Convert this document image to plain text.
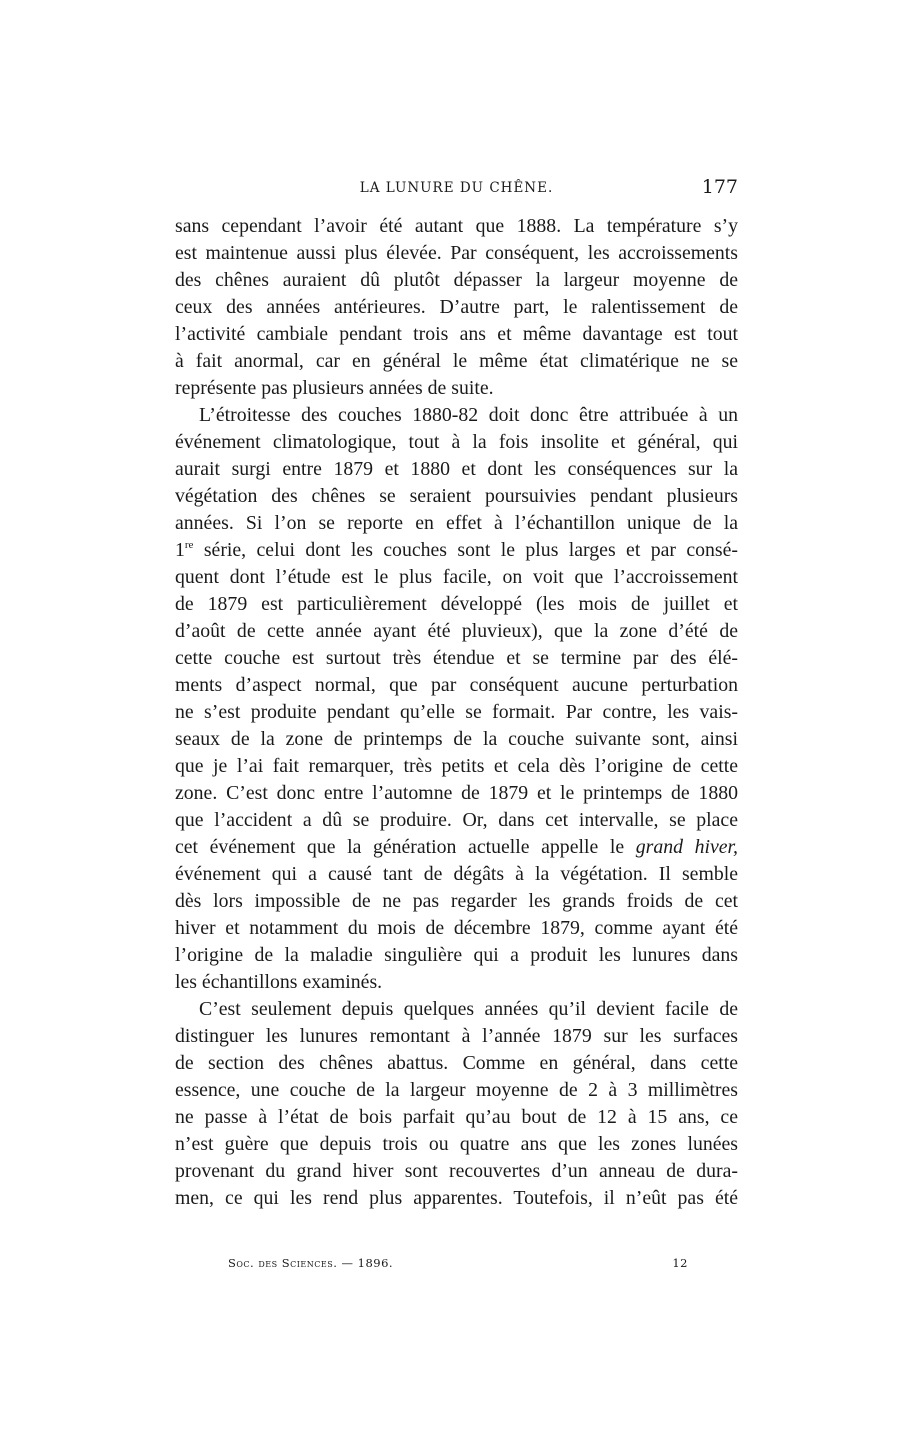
LA LUNURE DU CHÊNE.	177
sans cependant l’avoir été autant que 1888. La température s’y
est maintenue aussi plus élevée. Par conséquent, les accroissements
des chênes auraient dû plutôt dépasser la largeur moyenne de
ceux des années antérieures. D’autre part, le ralentissement de
l’activité cambiale pendant trois ans et même davantage est tout
à fait anormal, car en général le même état climatérique ne se
représente pas plusieurs années de suite.
L’étroitesse des couches 1880-82 doit donc être attribuée à un
événement climatologique, tout à la fois insolite et général, qui
aurait surgi entre 1879 et 1880 et dont les conséquences sur la
végétation des chênes se seraient poursuivies pendant plusieurs
années. Si l’on se reporte en effet à l’échantillon unique de la
1re série, celui dont les couches sont le plus larges et par consé-
quent dont l’étude est le plus facile, on voit que l’accroissement
de 1879 est particulièrement développé (les mois de juillet et
d’août de cette année ayant été pluvieux), que la zone d’été de
cette couche est surtout très étendue et se termine par des élé-
ments d’aspect normal, que par conséquent aucune perturbation
ne s’est produite pendant qu’elle se formait. Par contre, les vais-
seaux de la zone de printemps de la couche suivante sont, ainsi
que je l’ai fait remarquer, très petits et cela dès l’origine de cette
zone. C’est donc entre l’automne de 1879 et le printemps de 1880
que l’accident a dû se produire. Or, dans cet intervalle, se place
cet événement que la génération actuelle appelle le grand hiver,
événement qui a causé tant de dégâts à la végétation. Il semble
dès lors impossible de ne pas regarder les grands froids de cet
hiver et notamment du mois de décembre 1879, comme ayant été
l’origine de la maladie singulière qui a produit les lunures dans
les échantillons examinés.
C’est seulement depuis quelques années qu’il devient facile de
distinguer les lunures remontant à l’année 1879 sur les surfaces
de section des chênes abattus. Comme en général, dans cette
essence, une couche de la largeur moyenne de 2 à 3 millimètres
ne passe à l’état de bois parfait qu’au bout de 12 à 15 ans, ce
n’est guère que depuis trois ou quatre ans que les zones lunées
provenant du grand hiver sont recouvertes d’un anneau de dura-
men, ce qui les rend plus apparentes. Toutefois, il n’eût pas été
Soc. des Sciences. — 1896.	12
